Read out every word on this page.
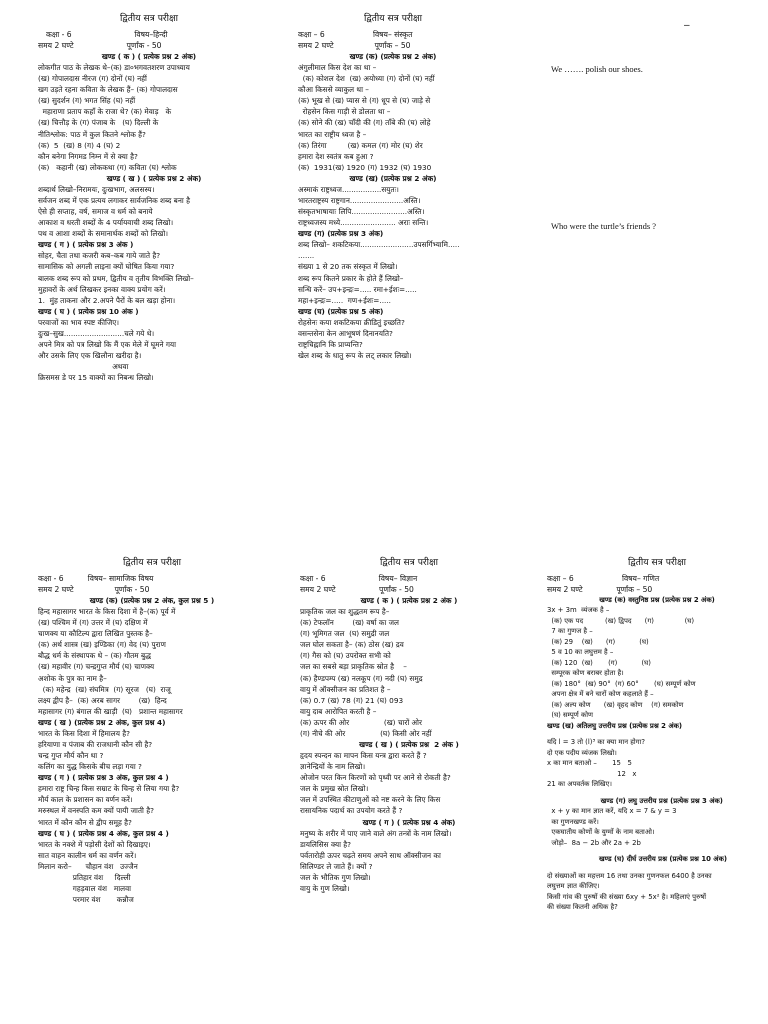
द्वितीय सत्र परीक्षा
कक्षा - 6                          विषय–हिन्दी
समय 2 घण्टे                      पूर्णांक - 50
खण्ड ( क ) ( प्रत्येक प्रश्न 2 अंक)
लोकगीत पाठ के लेखक थे–(क) डा०भगवतशरण उपाध्याय
(ख) गोपालदास नीरज (ग) दोनों (घ) नहीं
खग उड़ते रहना कविता के लेखक हैं– (क) गोपालदास
(ख) सुदर्शन (ग) भगत सिंह (घ) नहीं
महाराणा प्रताप कहाँ के राजा थे? (क) मेवाड़   के
(ख) चित्तौड़ के (ग) पंजाब के   (घ) दिल्ली के
नीतिश्लोक: पाठ में कुल कितने श्लोक हैं?
(क)  5  (ख) 8 (ग) 4 (घ) 2
कौन बनेगा निगमड निम्न में से क्या है?
(क)   कहानी (ख) लोककथा (ग) कविता (घ) श्लोक
खण्ड ( ख ) ( प्रत्येक प्रश्न 2 अंक)
शब्दार्थ लिखो–निरामयः, दुःखभाग, अलसस्य।
सर्वजन शब्द में एक प्रत्यय लगाकर सार्वजनिक शब्द बना है
ऐसे ही सप्ताह, वर्ष, समाज व धर्म को बनाये
आकाश व धरती शब्दों के 4 पर्यायवाची शब्द लिखो।
पथ व आशा शब्दों के समानार्थक शब्दों को लिखो।
खण्ड ( ग ) ( प्रत्येक प्रश्न 3 अंक )
सोहर, चैता तथा कजरी कब–कब गाये जाते है?
सामासिक को अगली लाइना क्यों घोषित किया गया?
बालक शब्द रूप को प्रथम, द्वितीय व तृतीय विभक्ति लिखो–
मुहावरों के अर्थ लिखकर इनका वाक्य प्रयोग करें।
1.  मुंह ताकना और 2.अपने पैरों के बल खड़ा होना।
खण्ड ( घ ) ( प्रत्येक प्रश्न 10 अंक )
परवाजों का भाव स्पष्ट कीजिए।
दुःख–सुख..........................चले गये थे।
अपने मित्र को पत्र लिखो कि मैं एक मेले में घूमने गया
और उसके लिए एक खिलौना खरीदा है।
अथवा
क्रिसमस डे पर 15 वाक्यों का निबन्ध लिखो।
द्वितीय सत्र परीक्षा
कक्षा – 6                    विषय– संस्कृत
समय 2 घण्टे                 पूर्णांक – 50
खण्ड (क) (प्रत्येक प्रश्न 2 अंक)
अंगुलीमाल किस देश का था –
(क) कोशल देश  (ख) अयोध्या (ग) दोनों (घ) नहीं
कौआ किससे व्याकुल था –
(क) भूख से (ख) प्यास से (ग) धूप से (घ) जाड़े से
रोहसेन किस गाड़ी से डोलता था –
(क) सोने की (ख) चाँदी की (ग) ताँबे की (घ) लोहे
भारत का राष्ट्रीय ध्वज है –
(क) तिरंगा         (ख) कमल (ग) मोर (घ) शेर
हमारा देश स्वतंत्र कब हुआ ?
(क)  1931(ख) 1920 (ग) 1932 (घ) 1930
खण्ड (ख) (प्रत्येक प्रश्न 2 अंक)
अस्माकं राष्ट्रध्वज.................सयुतः।
भारतराष्ट्रस्य राष्ट्रगान.......................अस्ति।
संस्कृतभाषायाः लिपि........................अस्ति।
राष्ट्रध्वजस्य मध्ये........................ अराः सन्ति।
खण्ड (ग) (प्रत्येक प्रश्न 3 अंक)
शब्द लिखो– शकटिकया.......................उपसर्गिभ्यामि.....
.......
संख्या 1 से 20 तक संस्कृत में लिखो।
शब्द रूप कितने प्रकार के होते हैं लिखो–
सन्धि करें– उप+इन्द्रः=..... रमा+ईशः=.....
महा+इन्द्रः=.....  गण+ईशः=.....
खण्ड (घ) (प्रत्येक प्रश्न 5 अंक)
रोहसेनः कया शकटिकया क्रीडितुं इच्छति?
वसन्तसेना केन आभूषणं दिनानयति?
राष्ट्रचिह्नानि कि प्राप्यन्ति?
खेल शब्द के धातु रूप के लट् लकार लिखो।
–
We ……. polish our shoes.
Who were the turtle’s friends ?
द्वितीय सत्र परीक्षा
कक्षा - 6          विषय– सामाजिक विषय
समय 2 घण्टे                 पूर्णांक - 50
खण्ड (क) (प्रत्येक प्रश्न 2 अंक, कुल प्रश्न 5 )
हिन्द महासागर भारत के किस दिशा में है–(क) पूर्व में
(ख) पश्चिम में (ग) उत्तर में (घ) दक्षिण में
चाणक्य या कौटिल्य द्वारा लिखित पुस्तक है–
(क) अर्थ शास्त्र (ख) इण्डिका (ग) वेद (घ) पुराण
बौद्ध धर्म के संस्थापक थे – (क) गौतम बुद्ध
(ख) महावीर (ग) चन्द्रगुप्त मौर्य (घ) चाणक्य
अशोक के पुत्र का नाम है–
(क) महेन्द्र  (ख) संघमित्र  (ग) सूरज   (घ)  राजू
लक्ष्य द्वीप है–  (क) अरब सागर        (ख)  हिन्द
महासागर (ग) बंगाल की खाड़ी  (घ)   प्रशान्त महासागर
खण्ड ( ख ) (प्रत्येक प्रश्न 2 अंक, कुल प्रश्न 4)
भारत के किस दिशा में हिमालय है?
हरियाणा व पंजाब की राजधानी कौन सी है?
चन्द्र गुप्त मौर्य कौन था ?
कलिंग का युद्ध किसके बीच लड़ा गया ?
खण्ड ( ग ) ( प्रत्येक प्रश्न 3 अंक, कुल प्रश्न 4 )
हमारा राष्ट्र चिन्ह किस सम्राट के चिन्ह से लिया गया है?
मौर्य काल के प्रशासन का वर्णन करें।
मरुस्थल में वनस्पति कम क्यों पायी जाती है?
भारत में कौन कौन से द्वीप समूह है?
खण्ड ( घ ) ( प्रत्येक प्रश्न 4 अंक, कुल प्रश्न 4 )
भारत के नक्शे में पड़ोसी देशों को दिखाइए।
सात वाहन कालीन धर्म का वर्णन करें।
मिलान करो–      चौहान वंश   उज्जैन
प्रतिहार वंश     दिल्ली
गहड़वाल वंश   मालवा
परमार वंश       कन्नौज
द्वितीय सत्र परीक्षा
कक्षा - 6                      विषय– विज्ञान
समय 2 घण्टे                  पूर्णांक - 50
खण्ड ( क ) ( प्रत्येक प्रश्न 2 अंक )
प्राकृतिक जल का शुद्धतम रूप है–
(क) टेफलॉन        (ख) वर्षा का जल
(ग) भूमिगत जल  (घ) समुद्री जल
जल घोल सकता है– (क) ठोस (ख) द्रव
(ग) गैस को (घ) उपरोक्त सभी को
जल का सबसे बड़ा प्राकृतिक स्रोत है    –
(क) हैण्डपम्प (ख) नलकूप (ग) नदी (घ) समुद्र
वायु में ऑक्सीजन का प्रतिशत है –
(क) 0.7 (ख) 78 (ग) 21 (घ) 093
वायु दाब आरोपित करती है –
(क) ऊपर की ओर               (ख) चारों ओर
(ग) नीचे की ओर               (घ) किसी ओर नहीं
खण्ड ( ख ) ( प्रत्येक प्रश्न  2 अंक )
हृदय स्पन्दन का मापन किस यन्त्र द्वारा करते हैं ?
ज्ञानेन्द्रियों के नाम लिखो।
ओजोन परत किन किरणों को पृथ्वी पर आने से रोकती है?
जल के प्रमुख स्रोत लिखो।
जल में उपस्थित कीटाणुओं को नष्ट करने के लिए किस
रासायनिक पदार्थ का उपयोग करते हैं ?
खण्ड ( ग ) ( प्रत्येक प्रश्न 4 अंक)
मनुष्य के शरीर में पाए जाने वाले अंग तन्त्रों के नाम लिखो।
डायलिसिस क्या है?
पर्वतारोही ऊपर चढ़ते समय अपने साथ ऑक्सीजन का
सिलिण्डर ले जाते हैं। क्यों ?
जल के भौतिक गुण लिखो।
वायु के गुण लिखो।
द्वितीय सत्र परीक्षा
कक्षा – 6                    विषय– गणित
समय 2 घण्टे              पूर्णांक – 50
खण्ड (क) वस्तुनिष्ठ प्रश्न (प्रत्येक प्रश्न 2 अंक)
3x + 3m  व्यंजक है –
(क) एक पद          (ख) द्विपद      (ग)              (घ)
7 का गुणज है –
(क) 29    (ख)      (ग)           (घ)
5 व 10 का लघुत्तम है –
(क) 120  (ख)       (ग)           (घ)
सम्पूरक कोण बराबर होता है।
(क) 180°  (ख) 90°  (ग) 60°       (घ) सम्पूर्ण कोण
अपना क्षेत्र में बने चारों कोण कहलाते हैं –
(क) अल्प कोण      (ख) वृहद कोण    (ग) समकोण
(घ) सम्पूर्ण कोण
खण्ड (ख) अतिलघु उत्तरीय प्रश्न (प्रत्येक प्रश्न 2 अंक)
यदि l = 3 तो (l)³ का क्या मान होगा?
दो एक पदीय व्यंजक लिखो।
x का मान बताओ –       15   5
12   x
21 का अपवर्तक लिखिए।
खण्ड (ग) लघु उत्तरीय प्रश्न (प्रत्येक प्रश्न 3 अंक)
x + y का मान ज्ञात करें, यदि x = 7 & y = 3
का गुणनखण्ड करें।
एकघातीय कोणों के युग्मों के नाम बताओ।
जोड़ो–  8a − 2b और 2a + 2b
खण्ड (घ) दीर्घ उत्तरीय प्रश्न (प्रत्येक प्रश्न 10 अंक)
दो संख्याओं का महत्तम 16 तथा उनका गुणनफल 6400 है उनका
लघुत्तम ज्ञात कीजिए।
किसी गांव की पुरुषों की संख्या 6xy + 5x² है। महिलाएं पुरुषों
की संख्या कितनी अधिक है?
